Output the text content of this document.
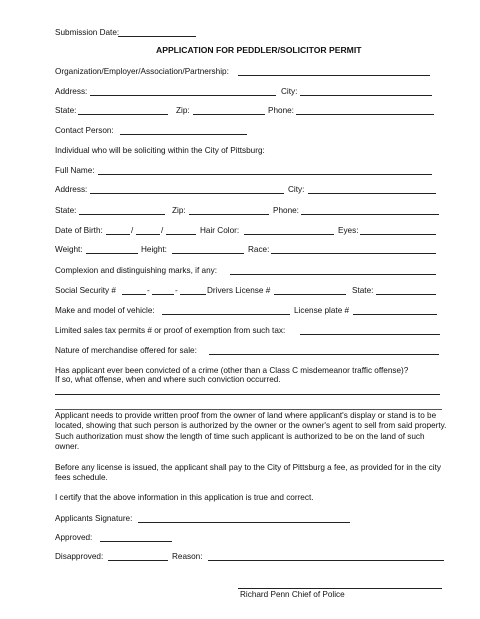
Submission Date:
APPLICATION FOR PEDDLER/SOLICITOR PERMIT
Organization/Employer/Association/Partnership:
Address:	City:
State:	Zip:	Phone:
Contact Person:
Individual who will be soliciting within the City of Pittsburg:
Full Name:
Address:	City:
State:	Zip:	Phone:
Date of Birth:	/	/	Hair Color:	Eyes:
Weight:	Height:	Race:
Complexion and distinguishing marks, if any:
Social Security #	-	-	Drivers License #	State:
Make and model of vehicle:	License plate #
Limited sales tax permits # or proof of exemption from such tax:
Nature of merchandise offered for sale:
Has applicant ever been convicted of a crime (other than a Class C misdemeanor traffic offense)?
If so, what offense, when and where such conviction occurred.

Applicant needs to provide written proof from the owner of land where applicant's display or stand is to be located, showing that such person is authorized by the owner or the owner's agent to sell from said property. Such authorization must show the length of time such applicant is authorized to be on the land of such owner.

Before any license is issued, the applicant shall pay to the City of Pittsburg a fee, as provided for in the city fees schedule.

I certify that the above information in this application is true and correct.
Applicants Signature:
Approved:
Disapproved:	Reason:
Richard Penn Chief of Police
